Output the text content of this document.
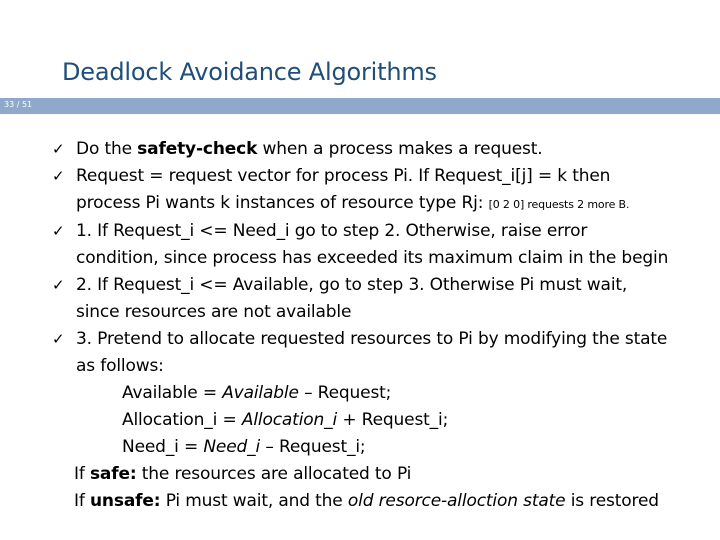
Deadlock Avoidance Algorithms
33 / 51
✓ Do the safety-check when a process makes a request.
✓ Request = request vector for process Pi. If Request_i[j] = k then
process Pi wants k instances of resource type Rj: [0 2 0] requests 2 more B.
✓ 1. If Request_i <= Need_i go to step 2. Otherwise, raise error
condition, since process has exceeded its maximum claim in the begin
✓ 2. If Request_i <= Available, go to step 3. Otherwise Pi must wait,
since resources are not available
✓ 3. Pretend to allocate requested resources to Pi by modifying the state
as follows:
Available = Available – Request;
Allocation_i = Allocation_i + Request_i;
Need_i = Need_i – Request_i;
If safe: the resources are allocated to Pi
If unsafe: Pi must wait, and the old resorce-alloction state is restored
